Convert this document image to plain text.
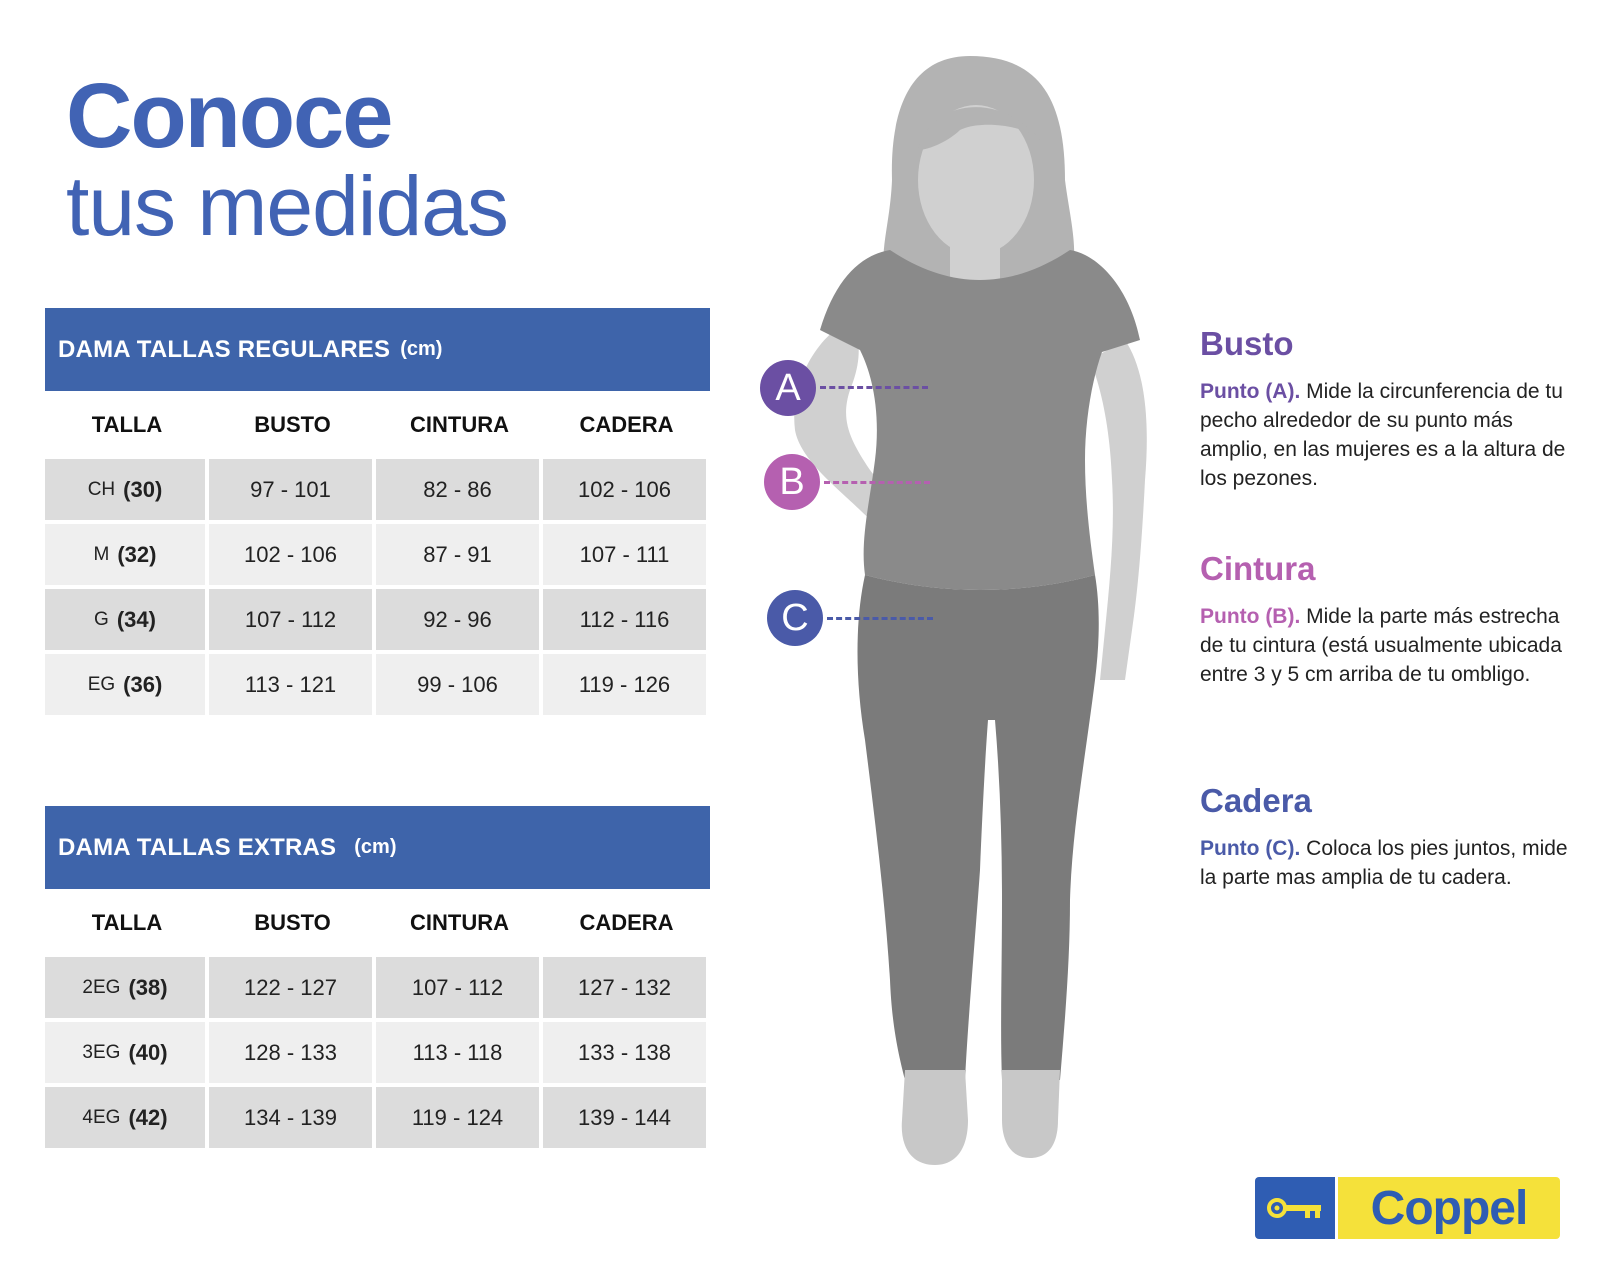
Conoce
tus medidas
DAMA TALLAS REGULARES (cm)
TALLA	BUSTO	CINTURA	CADERA
CH (30)	97 - 101	82 - 86	102 - 106
M (32)	102 - 106	87 - 91	107 - 111
G (34)	107 - 112	92 - 96	112 - 116
EG (36)	113 - 121	99 - 106	119 - 126
DAMA TALLAS EXTRAS (cm)
TALLA	BUSTO	CINTURA	CADERA
2EG (38)	122 - 127	107 - 112	127 - 132
3EG (40)	128 - 133	113 - 118	133 - 138
4EG (42)	134 - 139	119 - 124	139 - 144
A
B
C
Busto

Punto (A). Mide la circunferencia de tu pecho alrededor de su punto más amplio, en las mujeres es a la altura de los pezones.

Cintura

Punto (B). Mide la parte más estrecha de tu cintura (está usualmente ubicada entre 3 y 5 cm arriba de tu ombligo.

Cadera

Punto (C). Coloca los pies juntos, mide la parte mas amplia de tu cadera.

Coppel
